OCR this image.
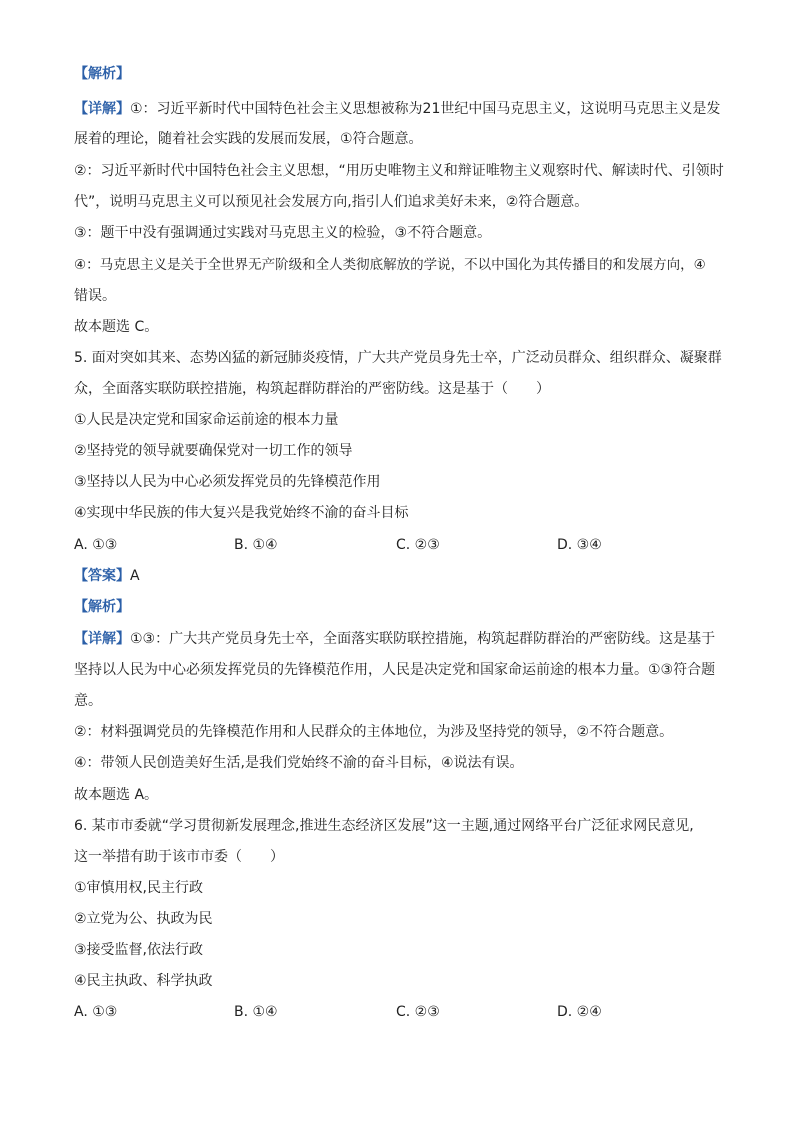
【解析】
【详解】①：习近平新时代中国特色社会主义思想被称为21世纪中国马克思主义，这说明马克思主义是发
展着的理论，随着社会实践的发展而发展，①符合题意。
②：习近平新时代中国特色社会主义思想，“用历史唯物主义和辩证唯物主义观察时代、解读时代、引领时
代”，说明马克思主义可以预见社会发展方向,指引人们追求美好未来，②符合题意。
③：题干中没有强调通过实践对马克思主义的检验，③不符合题意。
④：马克思主义是关于全世界无产阶级和全人类彻底解放的学说，不以中国化为其传播目的和发展方向，④
错误。
故本题选 C。
5. 面对突如其来、态势凶猛的新冠肺炎疫情，广大共产党员身先士卒，广泛动员群众、组织群众、凝聚群
众，全面落实联防联控措施，构筑起群防群治的严密防线。这是基于（　　）
①人民是决定党和国家命运前途的根本力量
②坚持党的领导就要确保党对一切工作的领导
③坚持以人民为中心必须发挥党员的先锋模范作用
④实现中华民族的伟大复兴是我党始终不渝的奋斗目标
A. ①③	B. ①④	C. ②③	D. ③④
【答案】A
【解析】
【详解】①③：广大共产党员身先士卒，全面落实联防联控措施，构筑起群防群治的严密防线。这是基于
坚持以人民为中心必须发挥党员的先锋模范作用，人民是决定党和国家命运前途的根本力量。①③符合题
意。
②：材料强调党员的先锋模范作用和人民群众的主体地位，为涉及坚持党的领导，②不符合题意。
④：带领人民创造美好生活,是我们党始终不渝的奋斗目标，④说法有误。
故本题选 A。
6. 某市市委就“学习贯彻新发展理念,推进生态经济区发展”这一主题,通过网络平台广泛征求网民意见,
这一举措有助于该市市委（　　）
①审慎用权,民主行政
②立党为公、执政为民
③接受监督,依法行政
④民主执政、科学执政
A. ①③	B. ①④	C. ②③	D. ②④
